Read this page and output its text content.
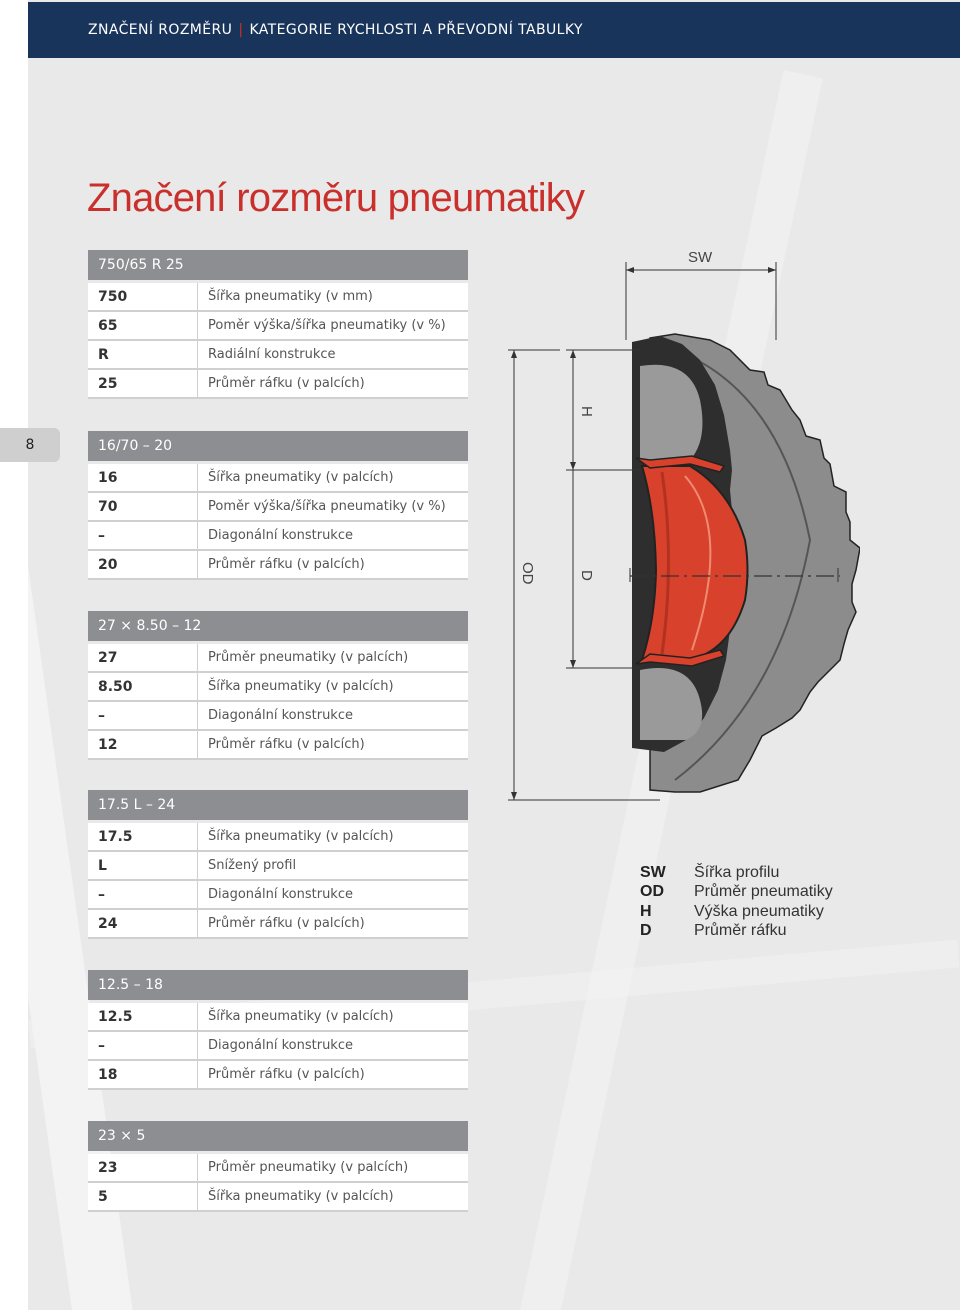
ZNAČENÍ ROZMĚRU | KATEGORIE RYCHLOSTI A PŘEVODNÍ TABULKY
8
Značení rozměru pneumatiky
750/65 R 25
750	Šířka pneumatiky (v mm)
65	Poměr výška/šířka pneumatiky (v %)
R	Radiální konstrukce
25	Průměr ráfku (v palcích)
16/70 – 20
16	Šířka pneumatiky (v palcích)
70	Poměr výška/šířka pneumatiky (v %)
–	Diagonální konstrukce
20	Průměr ráfku (v palcích)
27 × 8.50 – 12
27	Průměr pneumatiky (v palcích)
8.50	Šířka pneumatiky (v palcích)
–	Diagonální konstrukce
12	Průměr ráfku (v palcích)
17.5 L – 24
17.5	Šířka pneumatiky (v palcích)
L	Snížený profil
–	Diagonální konstrukce
24	Průměr ráfku (v palcích)
12.5 – 18
12.5	Šířka pneumatiky (v palcích)
–	Diagonální konstrukce
18	Průměr ráfku (v palcích)
23 × 5
23	Průměr pneumatiky (v palcích)
5	Šířka pneumatiky (v palcích)
SW
H
D
OD
SW	Šířka profilu
OD	Průměr pneumatiky
H	Výška pneumatiky
D	Průměr ráfku
